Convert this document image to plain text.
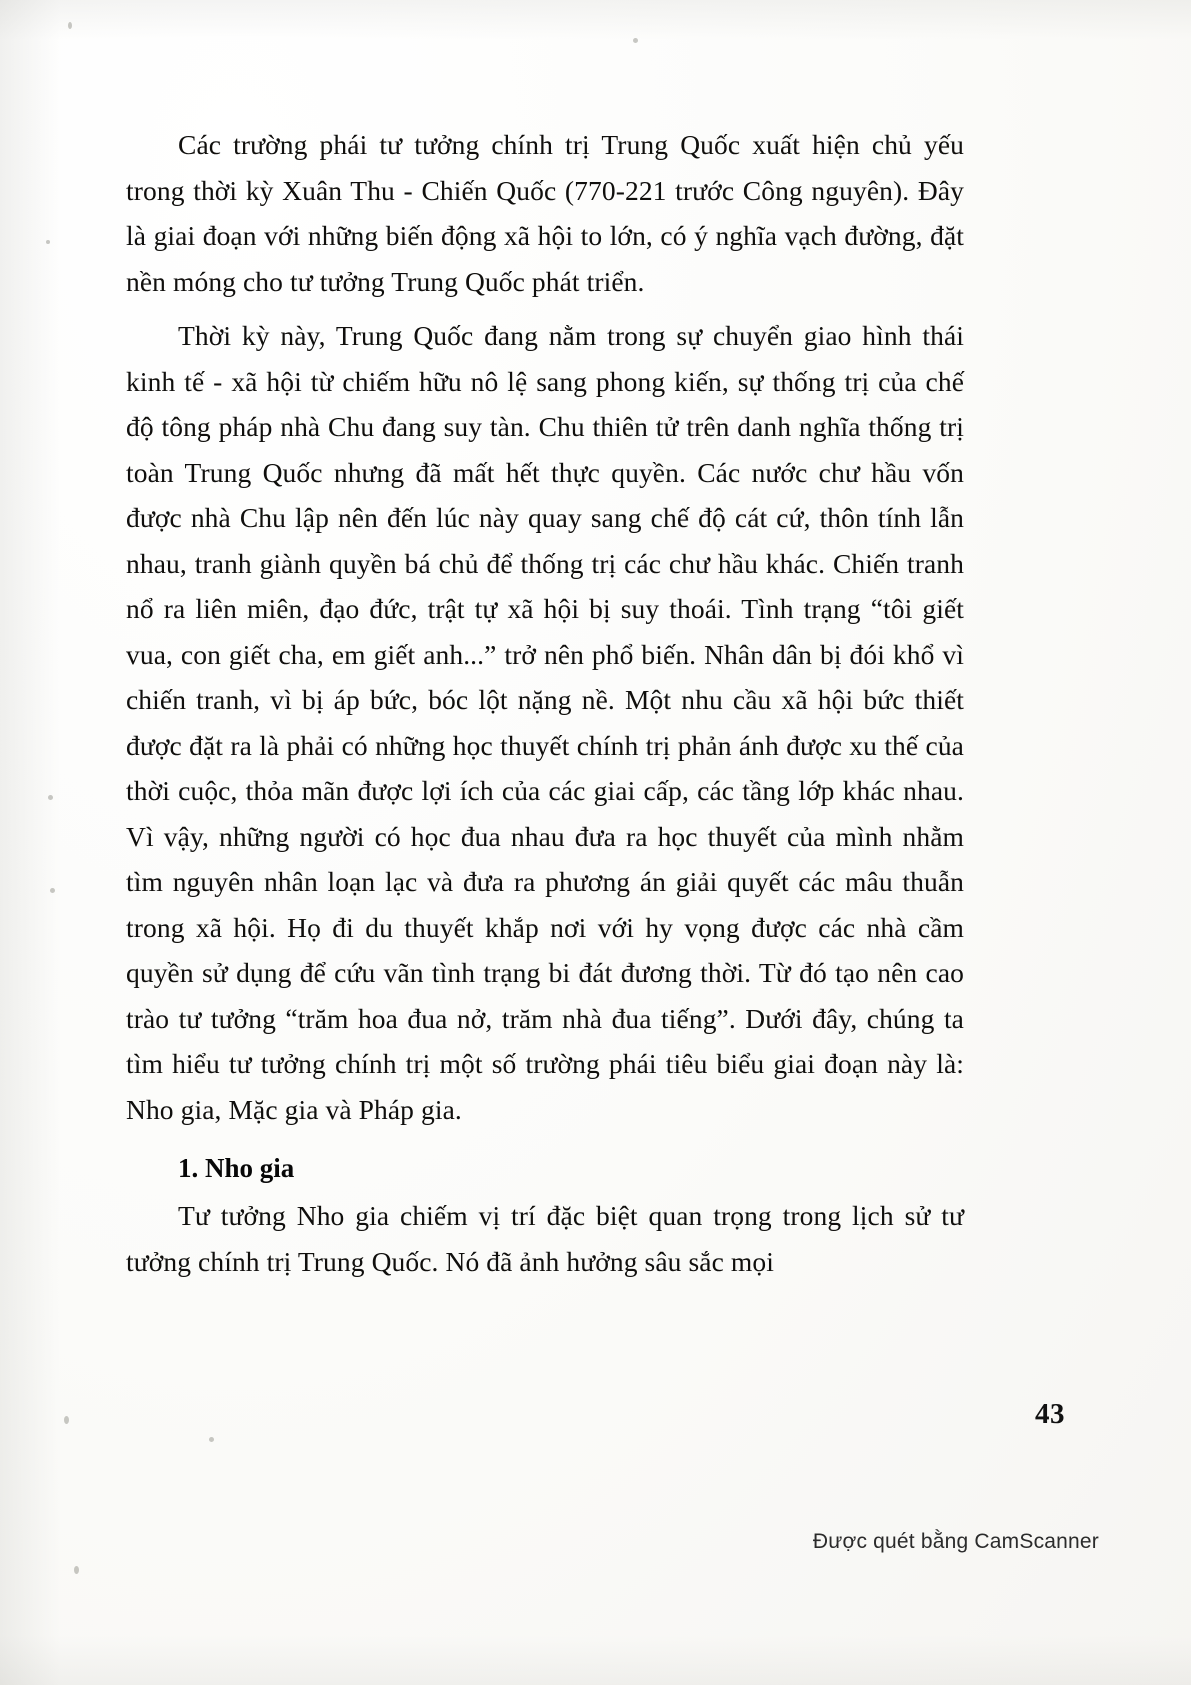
Các trường phái tư tưởng chính trị Trung Quốc xuất hiện chủ yếu trong thời kỳ Xuân Thu - Chiến Quốc (770-221 trước Công nguyên). Đây là giai đoạn với những biến động xã hội to lớn, có ý nghĩa vạch đường, đặt nền móng cho tư tưởng Trung Quốc phát triển.

Thời kỳ này, Trung Quốc đang nằm trong sự chuyển giao hình thái kinh tế - xã hội từ chiếm hữu nô lệ sang phong kiến, sự thống trị của chế độ tông pháp nhà Chu đang suy tàn. Chu thiên tử trên danh nghĩa thống trị toàn Trung Quốc nhưng đã mất hết thực quyền. Các nước chư hầu vốn được nhà Chu lập nên đến lúc này quay sang chế độ cát cứ, thôn tính lẫn nhau, tranh giành quyền bá chủ để thống trị các chư hầu khác. Chiến tranh nổ ra liên miên, đạo đức, trật tự xã hội bị suy thoái. Tình trạng “tôi giết vua, con giết cha, em giết anh...” trở nên phổ biến. Nhân dân bị đói khổ vì chiến tranh, vì bị áp bức, bóc lột nặng nề. Một nhu cầu xã hội bức thiết được đặt ra là phải có những học thuyết chính trị phản ánh được xu thế của thời cuộc, thỏa mãn được lợi ích của các giai cấp, các tầng lớp khác nhau. Vì vậy, những người có học đua nhau đưa ra học thuyết của mình nhằm tìm nguyên nhân loạn lạc và đưa ra phương án giải quyết các mâu thuẫn trong xã hội. Họ đi du thuyết khắp nơi với hy vọng được các nhà cầm quyền sử dụng để cứu vãn tình trạng bi đát đương thời. Từ đó tạo nên cao trào tư tưởng “trăm hoa đua nở, trăm nhà đua tiếng”. Dưới đây, chúng ta tìm hiểu tư tưởng chính trị một số trường phái tiêu biểu giai đoạn này là: Nho gia, Mặc gia và Pháp gia.

1. Nho gia

Tư tưởng Nho gia chiếm vị trí đặc biệt quan trọng trong lịch sử tư tưởng chính trị Trung Quốc. Nó đã ảnh hưởng sâu sắc mọi

43
Được quét bằng CamScanner
